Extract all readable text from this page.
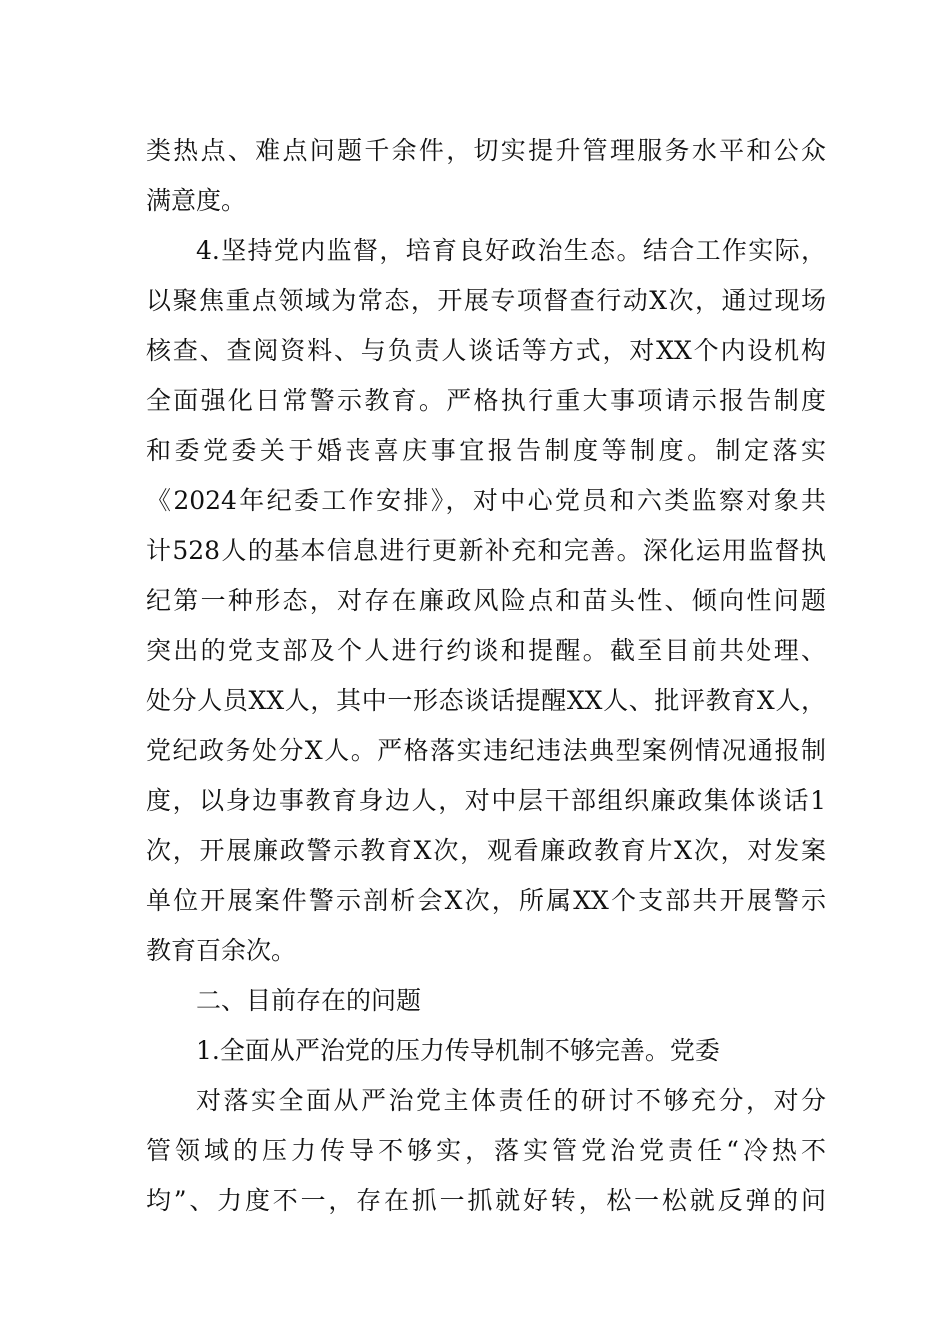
类热点、难点问题千余件，切实提升管理服务水平和公众
满意度。
4.坚持党内监督，培育良好政治生态。结合工作实际，
以聚焦重点领域为常态，开展专项督查行动X次，通过现场
核查、查阅资料、与负责人谈话等方式，对XX个内设机构
全面强化日常警示教育。严格执行重大事项请示报告制度
和委党委关于婚丧喜庆事宜报告制度等制度。制定落实
《2024年纪委工作安排》，对中心党员和六类监察对象共
计528人的基本信息进行更新补充和完善。深化运用监督执
纪第一种形态，对存在廉政风险点和苗头性、倾向性问题
突出的党支部及个人进行约谈和提醒。截至目前共处理、
处分人员XX人，其中一形态谈话提醒XX人、批评教育X人，
党纪政务处分X人。严格落实违纪违法典型案例情况通报制
度，以身边事教育身边人，对中层干部组织廉政集体谈话1
次，开展廉政警示教育X次，观看廉政教育片X次，对发案
单位开展案件警示剖析会X次，所属XX个支部共开展警示
教育百余次。
二、目前存在的问题
1.全面从严治党的压力传导机制不够完善。党委
对落实全面从严治党主体责任的研讨不够充分，对分
管领域的压力传导不够实，落实管党治党责任“冷热不
均”、力度不一，存在抓一抓就好转，松一松就反弹的问
